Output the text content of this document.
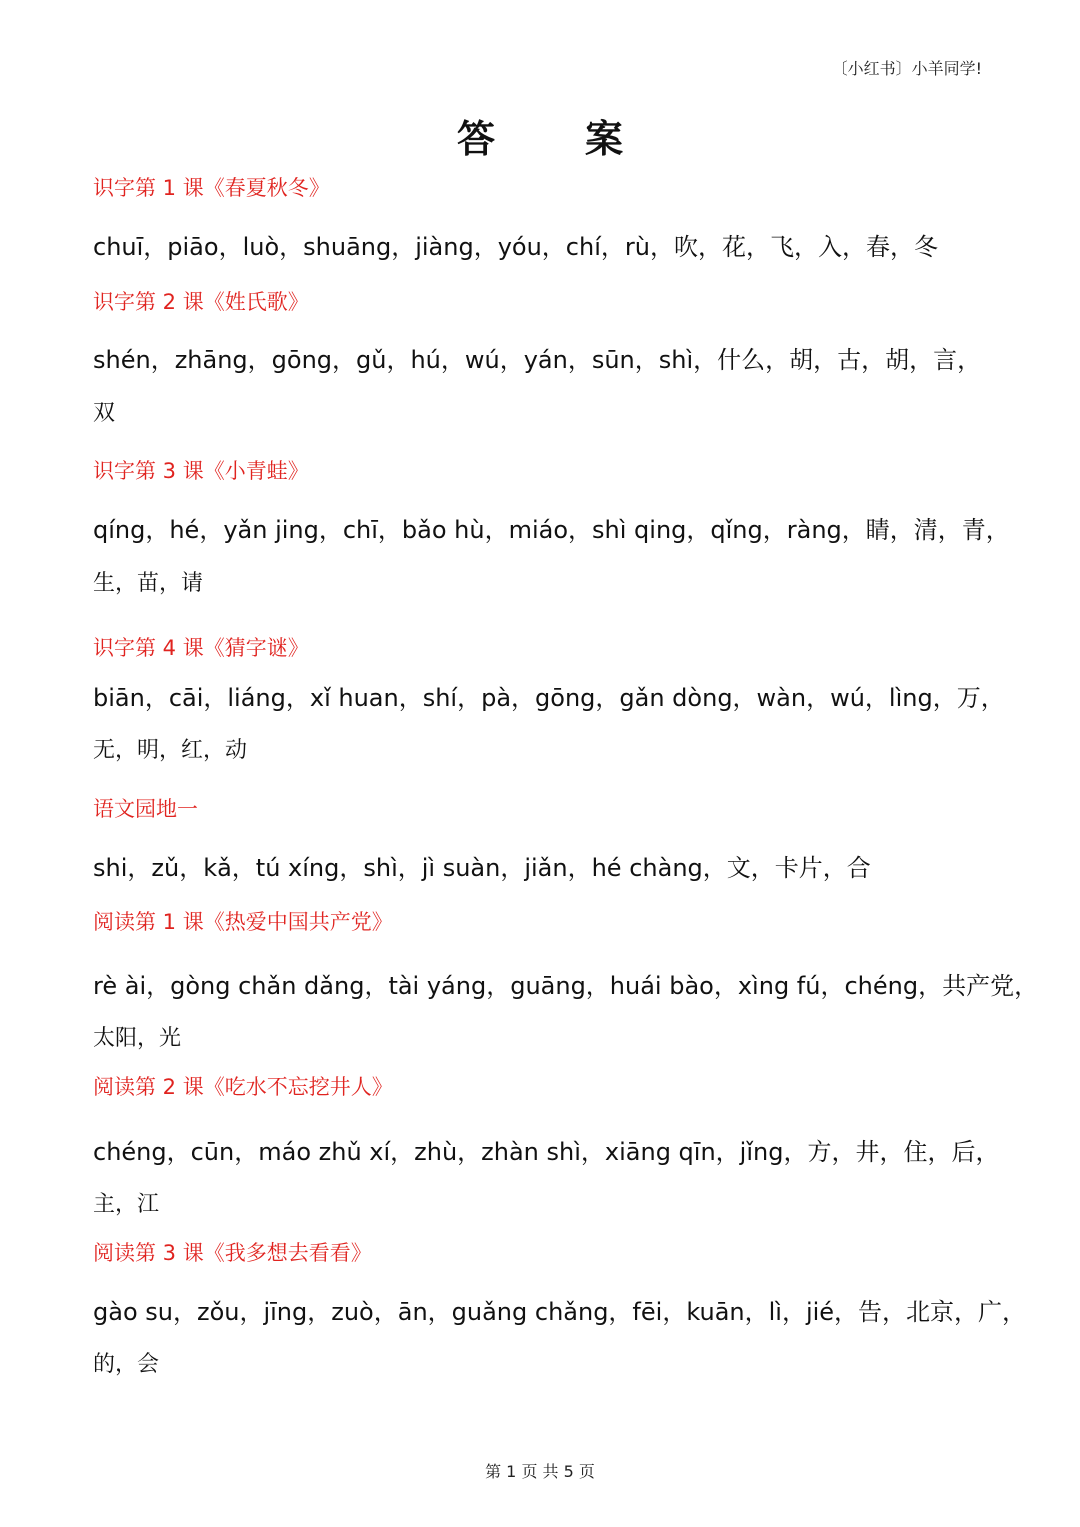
〔小红书〕小羊同学!
答案
识字第 1 课《春夏秋冬》
chuī，piāo，luò，shuāng，jiàng，yóu，chí，rù，吹，花，飞，入，春，冬
识字第 2 课《姓氏歌》
shén，zhāng，gōng，gǔ，hú，wú，yán，sūn，shì，什么，胡，古，胡，言，
双
识字第 3 课《小青蛙》
qíng，hé，yǎn jing，chī，bǎo hù，miáo，shì qing，qǐng，ràng，睛，清，青，
生，苗，请
识字第 4 课《猜字谜》
biān，cāi，liáng，xǐ huan，shí，pà，gōng，gǎn dòng，wàn，wú，lìng，万，
无，明，红，动
语文园地一
shi，zǔ，kǎ，tú xíng，shì，jì suàn，jiǎn，hé chàng，文，卡片，合
阅读第 1 课《热爱中国共产党》
rè ài，gòng chǎn dǎng，tài yáng，guāng，huái bào，xìng fú，chéng，共产党，
太阳，光
阅读第 2 课《吃水不忘挖井人》
chéng，cūn，máo zhǔ xí，zhù，zhàn shì，xiāng qīn，jǐng，方，井，住，后，
主，江
阅读第 3 课《我多想去看看》
gào su，zǒu，jīng，zuò，ān，guǎng chǎng，fēi，kuān，lì，jié，告，北京，广，
的，会
第 1 页 共 5 页
